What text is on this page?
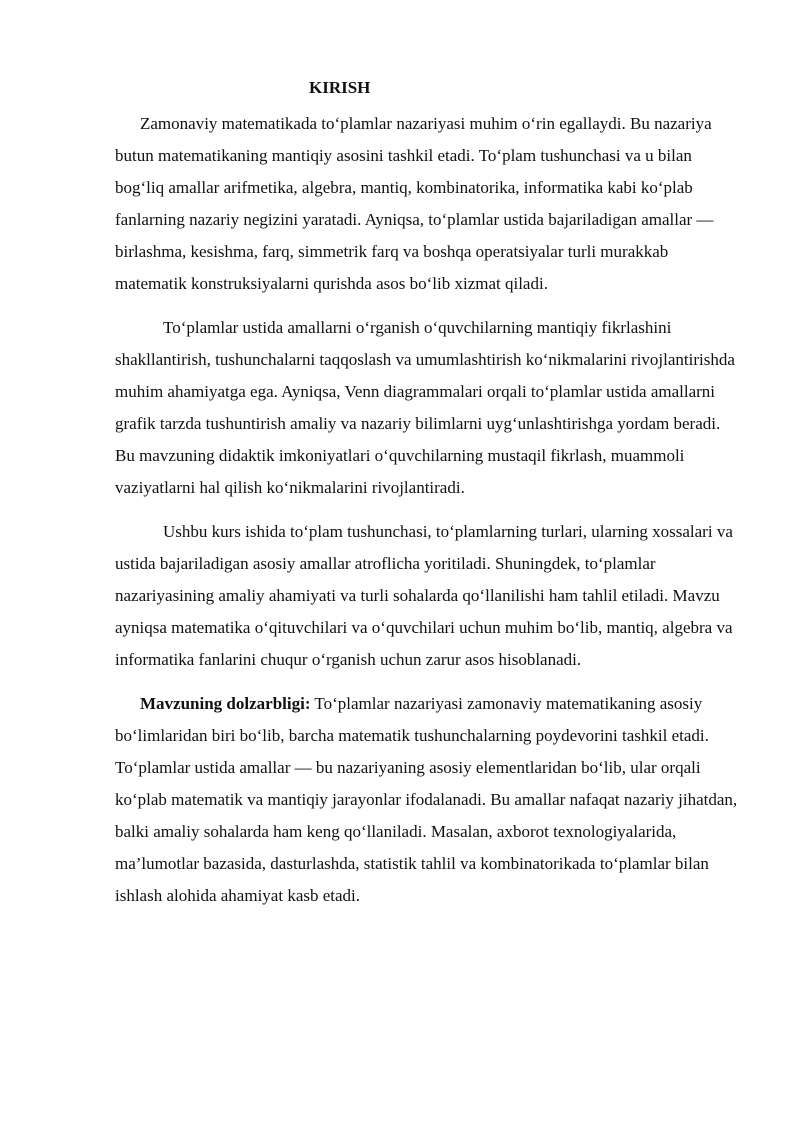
KIRISH

Zamonaviy matematikada to‘plamlar nazariyasi muhim o‘rin egallaydi. Bu nazariya butun matematikaning mantiqiy asosini tashkil etadi. To‘plam tushunchasi va u bilan bog‘liq amallar arifmetika, algebra, mantiq, kombinatorika, informatika kabi ko‘plab fanlarning nazariy negizini yaratadi. Ayniqsa, to‘plamlar ustida bajariladigan amallar — birlashma, kesishma, farq, simmetrik farq va boshqa operatsiyalar turli murakkab matematik konstruksiyalarni qurishda asos bo‘lib xizmat qiladi.

To‘plamlar ustida amallarni o‘rganish o‘quvchilarning mantiqiy fikrlashini shakllantirish, tushunchalarni taqqoslash va umumlashtirish ko‘nikmalarini rivojlantirishda muhim ahamiyatga ega. Ayniqsa, Venn diagrammalari orqali to‘plamlar ustida amallarni grafik tarzda tushuntirish amaliy va nazariy bilimlarni uyg‘unlashtirishga yordam beradi. Bu mavzuning didaktik imkoniyatlari o‘quvchilarning mustaqil fikrlash, muammoli vaziyatlarni hal qilish ko‘nikmalarini rivojlantiradi.

Ushbu kurs ishida to‘plam tushunchasi, to‘plamlarning turlari, ularning xossalari va ustida bajariladigan asosiy amallar atroflicha yoritiladi. Shuningdek, to‘plamlar nazariyasining amaliy ahamiyati va turli sohalarda qo‘llanilishi ham tahlil etiladi. Mavzu ayniqsa matematika o‘qituvchilari va o‘quvchilari uchun muhim bo‘lib, mantiq, algebra va informatika fanlarini chuqur o‘rganish uchun zarur asos hisoblanadi.

Mavzuning dolzarbligi: To‘plamlar nazariyasi zamonaviy matematikaning asosiy bo‘limlaridan biri bo‘lib, barcha matematik tushunchalarning poydevorini tashkil etadi. To‘plamlar ustida amallar — bu nazariyaning asosiy elementlaridan bo‘lib, ular orqali ko‘plab matematik va mantiqiy jarayonlar ifodalanadi. Bu amallar nafaqat nazariy jihatdan, balki amaliy sohalarda ham keng qo‘llaniladi. Masalan, axborot texnologiyalarida, ma’lumotlar bazasida, dasturlashda, statistik tahlil va kombinatorikada to‘plamlar bilan ishlash alohida ahamiyat kasb etadi.
